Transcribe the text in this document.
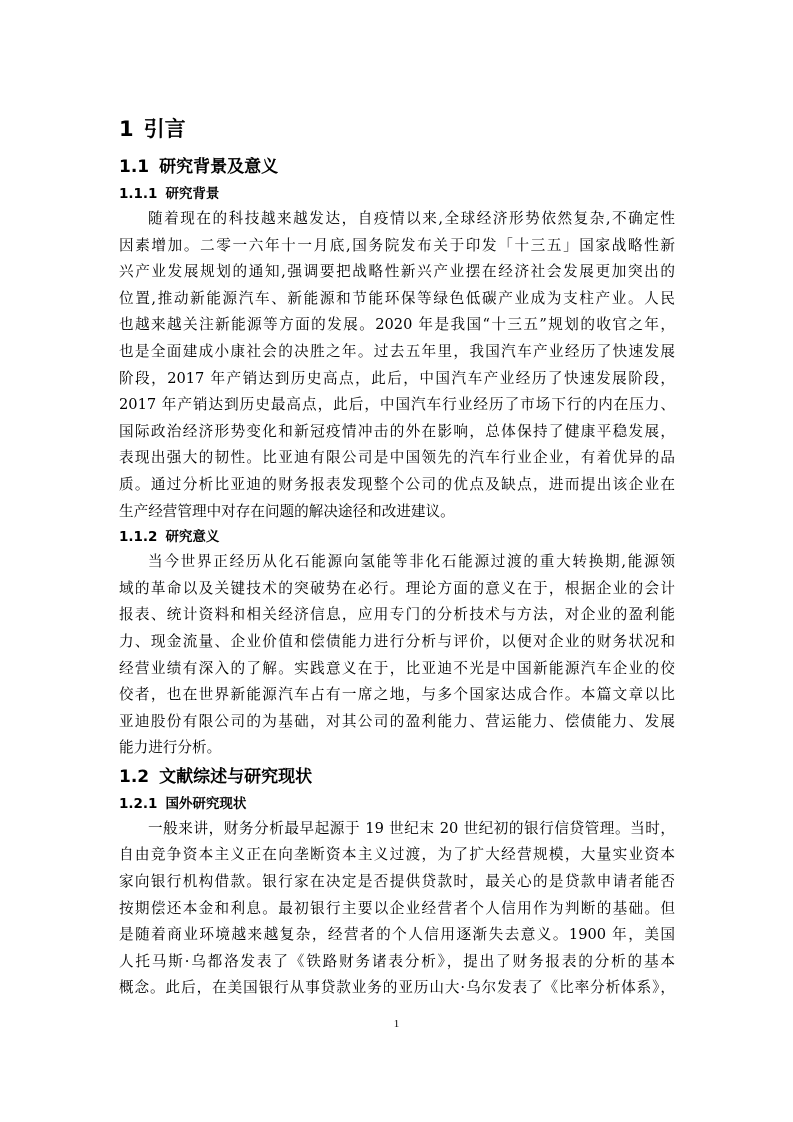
1 引言
1.1 研究背景及意义
1.1.1 研究背景
随着现在的科技越来越发达，自疫情以来,全球经济形势依然复杂,不确定性
因素增加。二零一六年十一月底,国务院发布关于印发「十三五」国家战略性新
兴产业发展规划的通知,强调要把战略性新兴产业摆在经济社会发展更加突出的
位置,推动新能源汽车、新能源和节能环保等绿色低碳产业成为支柱产业。人民
也越来越关注新能源等方面的发展。2020 年是我国“十三五”规划的收官之年，
也是全面建成小康社会的决胜之年。过去五年里，我国汽车产业经历了快速发展
阶段，2017 年产销达到历史高点，此后，中国汽车产业经历了快速发展阶段，
2017 年产销达到历史最高点，此后，中国汽车行业经历了市场下行的内在压力、
国际政治经济形势变化和新冠疫情冲击的外在影响，总体保持了健康平稳发展，
表现出强大的韧性。比亚迪有限公司是中国领先的汽车行业企业，有着优异的品
质。通过分析比亚迪的财务报表发现整个公司的优点及缺点，进而提出该企业在
生产经营管理中对存在问题的解决途径和改进建议。
1.1.2 研究意义
当今世界正经历从化石能源向氢能等非化石能源过渡的重大转换期,能源领
域的革命以及关键技术的突破势在必行。理论方面的意义在于，根据企业的会计
报表、统计资料和相关经济信息，应用专门的分析技术与方法，对企业的盈利能
力、现金流量、企业价值和偿债能力进行分析与评价，以便对企业的财务状况和
经营业绩有深入的了解。实践意义在于，比亚迪不光是中国新能源汽车企业的佼
佼者，也在世界新能源汽车占有一席之地，与多个国家达成合作。本篇文章以比
亚迪股份有限公司的为基础，对其公司的盈利能力、营运能力、偿债能力、发展
能力进行分析。
1.2 文献综述与研究现状
1.2.1 国外研究现状
一般来讲，财务分析最早起源于 19 世纪末 20 世纪初的银行信贷管理。当时，
自由竞争资本主义正在向垄断资本主义过渡，为了扩大经营规模，大量实业资本
家向银行机构借款。银行家在决定是否提供贷款时，最关心的是贷款申请者能否
按期偿还本金和利息。最初银行主要以企业经营者个人信用作为判断的基础。但
是随着商业环境越来越复杂，经营者的个人信用逐渐失去意义。1900 年，美国
人托马斯·乌都洛发表了《铁路财务诸表分析》，提出了财务报表的分析的基本
概念。此后，在美国银行从事贷款业务的亚历山大·乌尔发表了《比率分析体系》，
1
